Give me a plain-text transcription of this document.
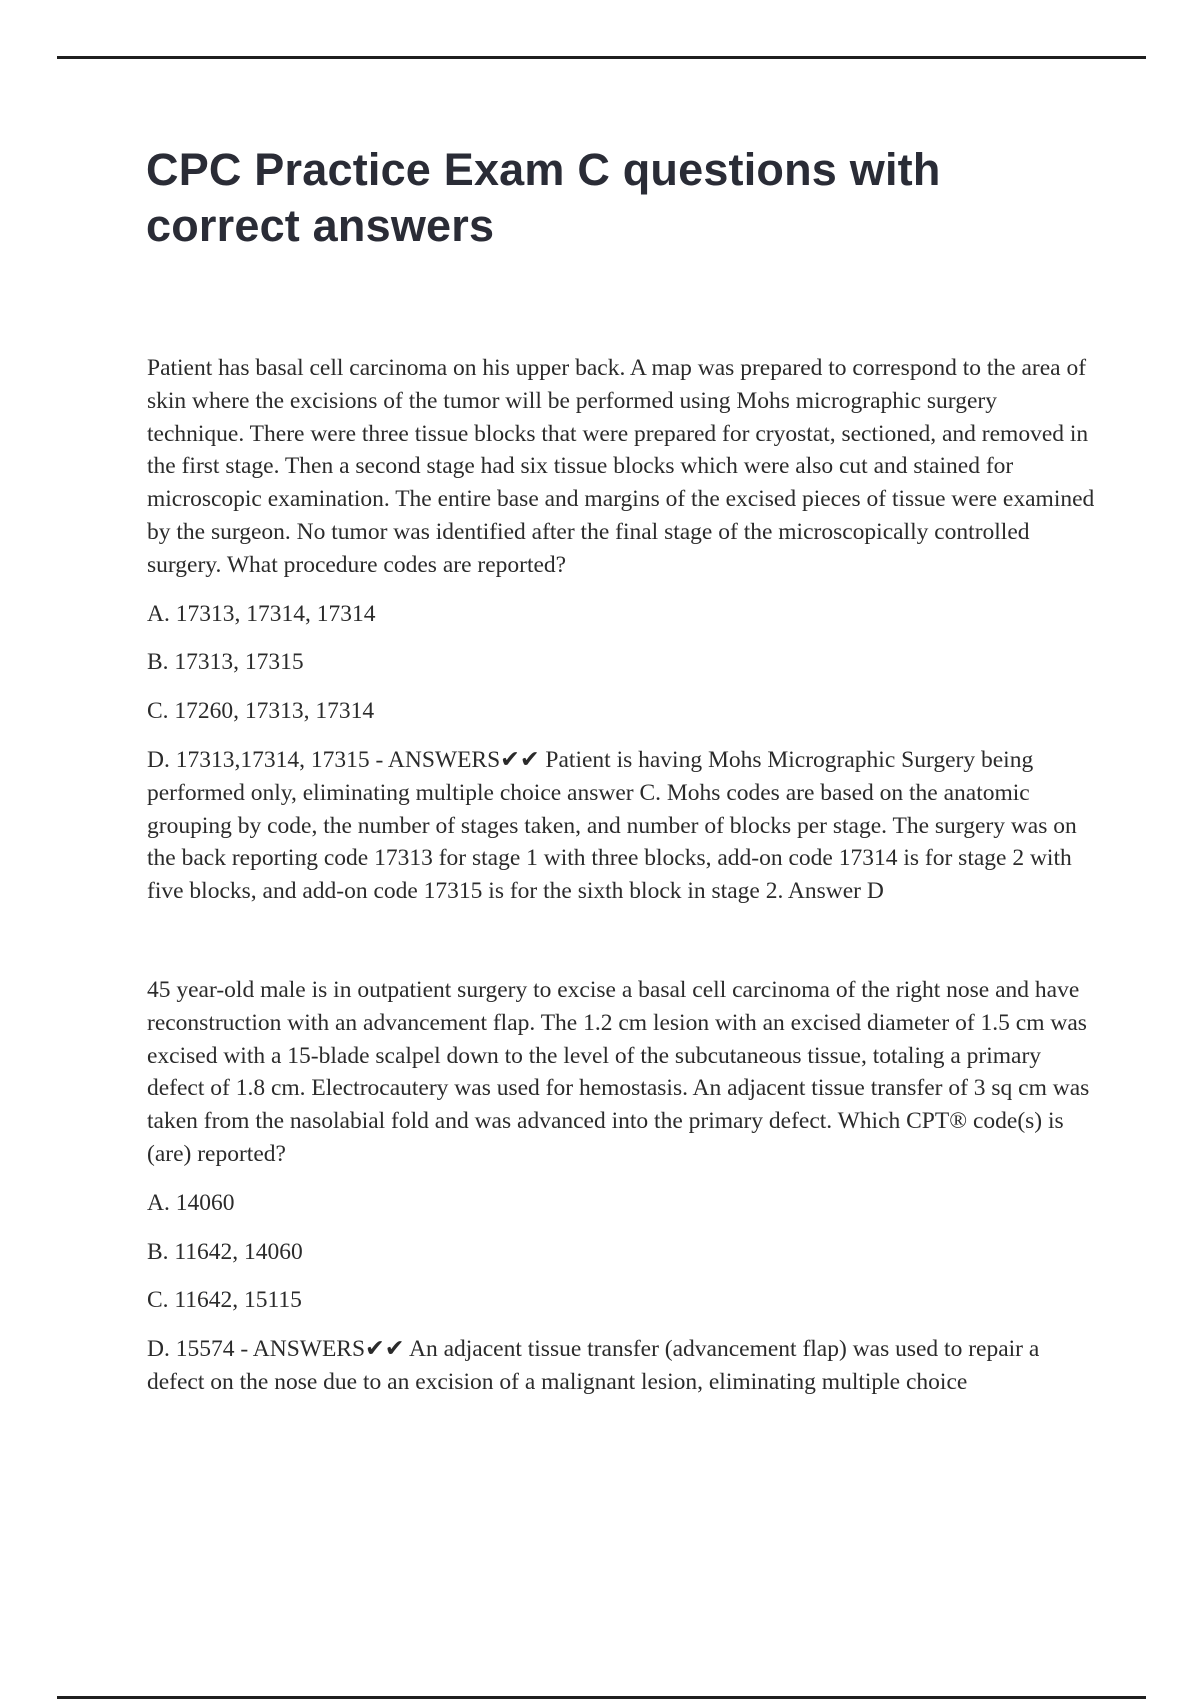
CPC Practice Exam C questions with correct answers

Patient has basal cell carcinoma on his upper back. A map was prepared to correspond to the area of skin where the excisions of the tumor will be performed using Mohs micrographic surgery technique. There were three tissue blocks that were prepared for cryostat, sectioned, and removed in the first stage. Then a second stage had six tissue blocks which were also cut and stained for microscopic examination. The entire base and margins of the excised pieces of tissue were examined by the surgeon. No tumor was identified after the final stage of the microscopically controlled surgery. What procedure codes are reported?

A. 17313, 17314, 17314

B. 17313, 17315

C. 17260, 17313, 17314

D. 17313,17314, 17315 - ANSWERS✔✔ Patient is having Mohs Micrographic Surgery being performed only, eliminating multiple choice answer C. Mohs codes are based on the anatomic grouping by code, the number of stages taken, and number of blocks per stage. The surgery was on the back reporting code 17313 for stage 1 with three blocks, add-on code 17314 is for stage 2 with five blocks, and add-on code 17315 is for the sixth block in stage 2. Answer D

45 year-old male is in outpatient surgery to excise a basal cell carcinoma of the right nose and have reconstruction with an advancement flap. The 1.2 cm lesion with an excised diameter of 1.5 cm was excised with a 15-blade scalpel down to the level of the subcutaneous tissue, totaling a primary defect of 1.8 cm. Electrocautery was used for hemostasis. An adjacent tissue transfer of 3 sq cm was taken from the nasolabial fold and was advanced into the primary defect. Which CPT® code(s) is (are) reported?

A. 14060

B. 11642, 14060

C. 11642, 15115

D. 15574 - ANSWERS✔✔ An adjacent tissue transfer (advancement flap) was used to repair a defect on the nose due to an excision of a malignant lesion, eliminating multiple choice
